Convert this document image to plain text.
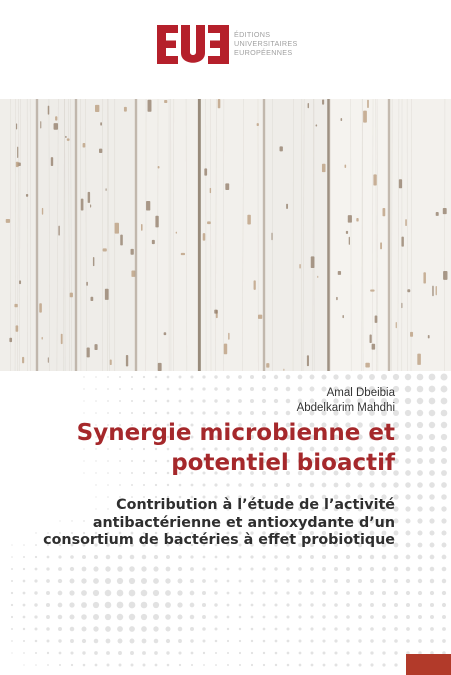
ÉDITIONS
UNIVERSITAIRES
EUROPÉENNES
Amal Dbeibia
Abdelkarim Mahdhi
Synergie microbienne et
potentiel bioactif
Contribution à l’étude de l’activité
antibactérienne et antioxydante d’un
consortium de bactéries à effet probiotique
